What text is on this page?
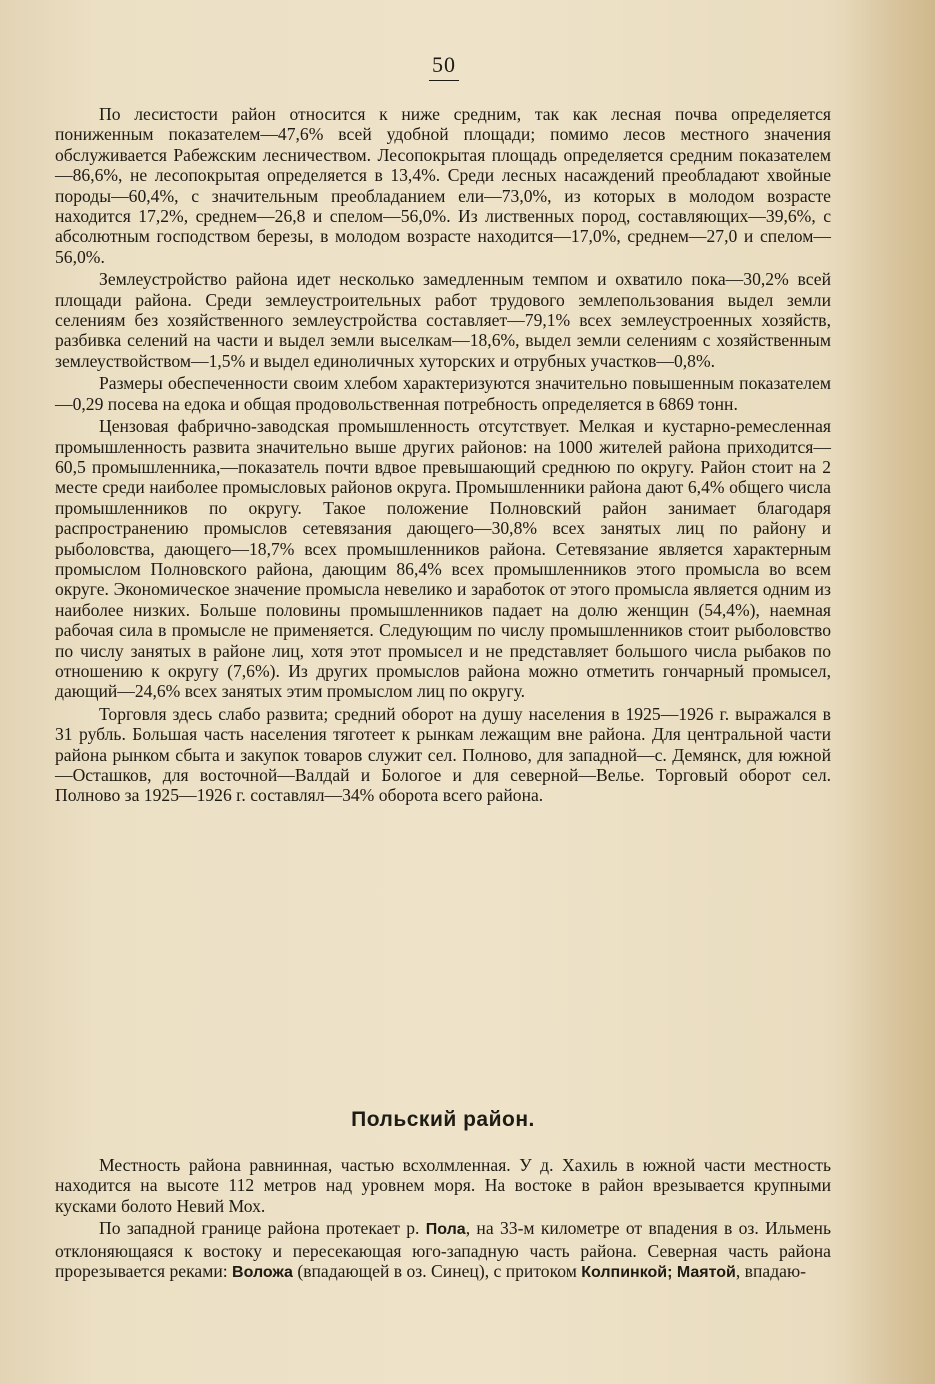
50

По лесистости район относится к ниже средним, так как лесная почва определяется пониженным показателем—47,6% всей удобной площади; помимо лесов местного значения обслуживается Рабежским лесничеством. Лесопокрытая площадь определяется средним показателем—86,6%, не лесопокрытая определяется в 13,4%. Среди лесных насаждений преобладают хвойные породы—60,4%, с значительным преобладанием ели—73,0%, из которых в молодом возрасте находится 17,2%, среднем—26,8 и спелом—56,0%. Из лиственных пород, составляющих—39,6%, с абсолютным господством березы, в молодом возрасте находится—17,0%, среднем—27,0 и спелом—56,0%.

Землеустройство района идет несколько замедленным темпом и охватило пока—30,2% всей площади района. Среди землеустроительных работ трудового землепользования выдел земли селениям без хозяйственного землеустройства составляет—79,1% всех землеустроенных хозяйств, разбивка селений на части и выдел земли выселкам—18,6%, выдел земли селениям с хозяйственным землеуствойством—1,5% и выдел единоличных хуторских и отрубных участков—0,8%.

Размеры обеспеченности своим хлебом характеризуются значительно повышенным показателем—0,29 посева на едока и общая продовольственная потребность определяется в 6869 тонн.

Цензовая фабрично-заводская промышленность отсутствует. Мелкая и кустарно-ремесленная промышленность развита значительно выше других районов: на 1000 жителей района приходится—60,5 промышленника,—показатель почти вдвое превышающий среднюю по округу. Район стоит на 2 месте среди наиболее промысловых районов округа. Промышленники района дают 6,4% общего числа промышленников по округу. Такое положение Полновский район занимает благодаря распространению промыслов сетевязания дающего—30,8% всех занятых лиц по району и рыболовства, дающего—18,7% всех промышленников района. Сетевязание является характерным промыслом Полновского района, дающим 86,4% всех промышленников этого промысла во всем округе. Экономическое значение промысла невелико и заработок от этого промысла является одним из наиболее низких. Больше половины промышленников падает на долю женщин (54,4%), наемная рабочая сила в промысле не применяется. Следующим по числу промышленников стоит рыболовство по числу занятых в районе лиц, хотя этот промысел и не представляет большого числа рыбаков по отношению к округу (7,6%). Из других промыслов района можно отметить гончарный промысел, дающий—24,6% всех занятых этим промыслом лиц по округу.

Торговля здесь слабо развита; средний оборот на душу населения в 1925—1926 г. выражался в 31 рубль. Большая часть населения тяготеет к рынкам лежащим вне района. Для центральной части района рынком сбыта и закупок товаров служит сел. Полново, для западной—с. Демянск, для южной—Осташков, для восточной—Валдай и Бологое и для северной—Велье. Торговый оборот сел. Полново за 1925—1926 г. составлял—34% оборота всего района.

Польский район.

Местность района равнинная, частью всхолмленная. У д. Хахиль в южной части местность находится на высоте 112 метров над уровнем моря. На востоке в район врезывается крупными кусками болото Невий Мох.

По западной границе района протекает р. Пола, на 33-м километре от впадения в оз. Ильмень отклоняющаяся к востоку и пересекающая юго-западную часть района. Северная часть района прорезывается реками: Воложа (впадающей в оз. Синец), с притоком Колпинкой; Маятой, впадаю-
